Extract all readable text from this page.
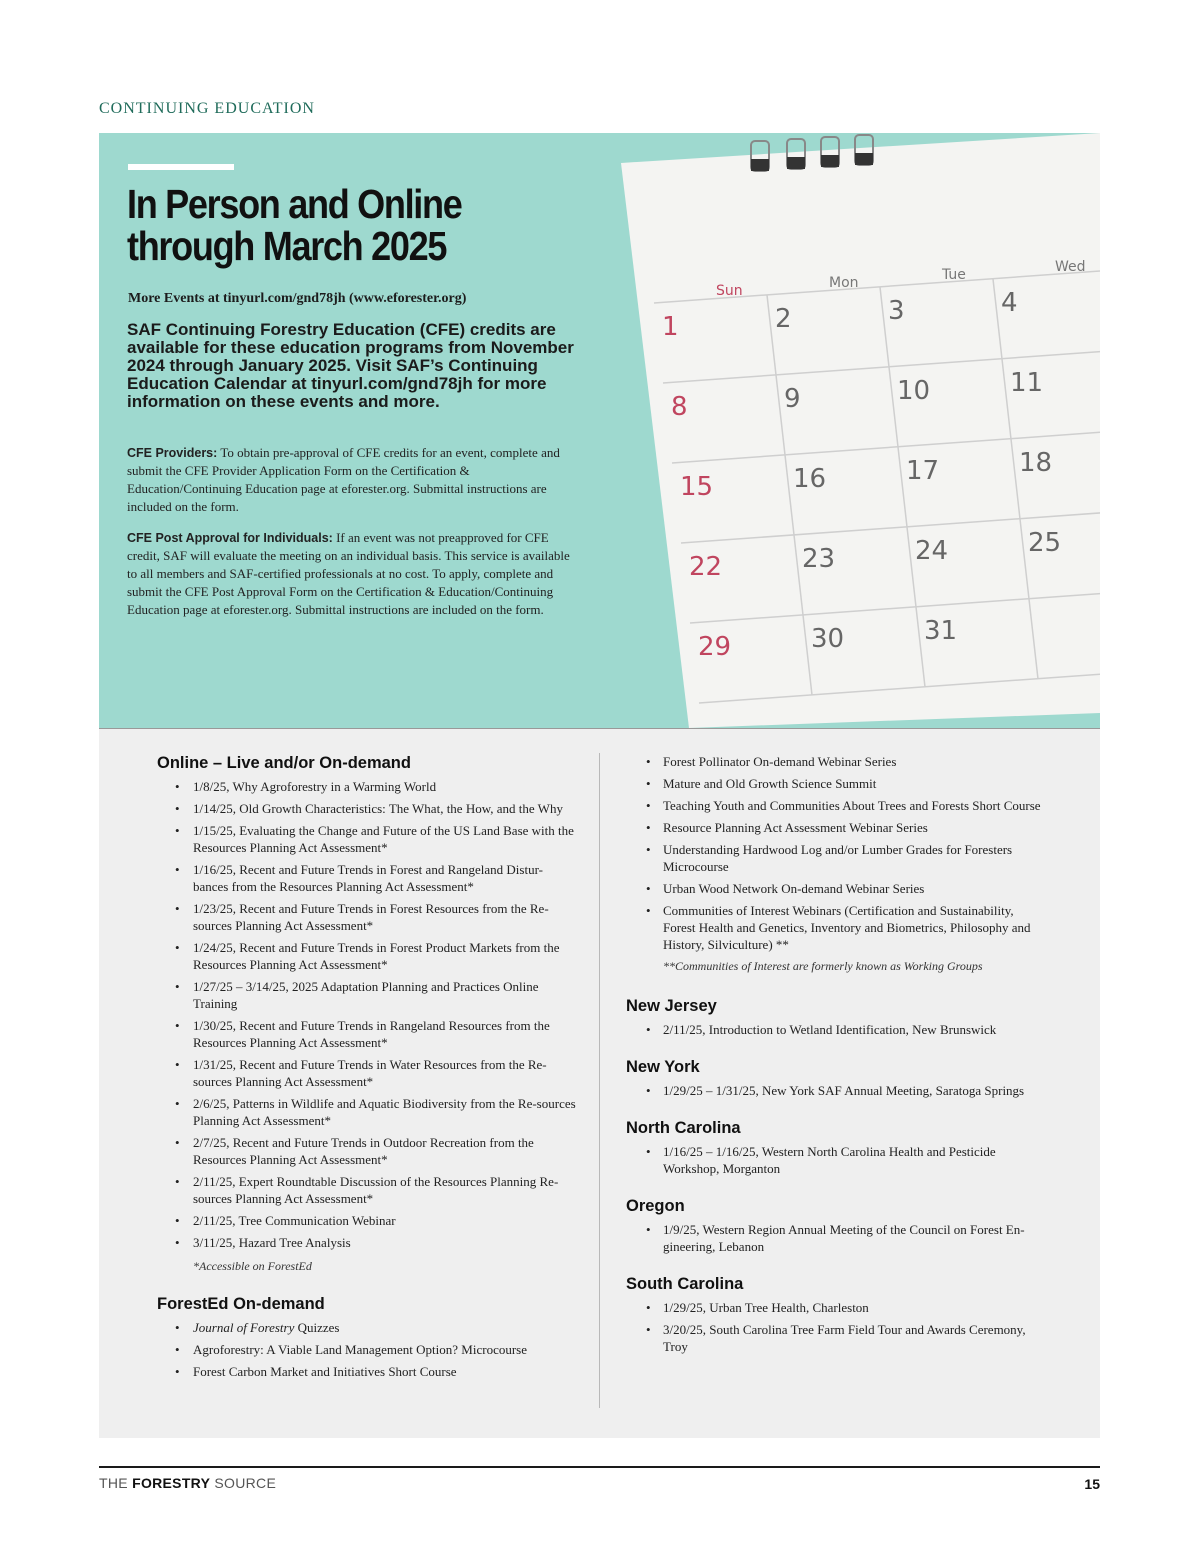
CONTINUING EDUCATION
In Person and Online through March 2025
More Events at tinyurl.com/gnd78jh (www.eforester.org)
SAF Continuing Forestry Education (CFE) credits are available for these education programs from November 2024 through January 2025. Visit SAF’s Continuing Education Calendar at tinyurl.com/gnd78jh for more information on these events and more.

CFE Providers: To obtain pre-approval of CFE credits for an event, complete and submit the CFE Provider Application Form on the Certification & Education/Continuing Education page at eforester.org. Submittal instructions are included on the form.

CFE Post Approval for Individuals: If an event was not preapproved for CFE credit, SAF will evaluate the meeting on an individual basis. This service is available to all members and SAF-certified professionals at no cost. To apply, complete and submit the CFE Post Approval Form on the Certification & Education/Continuing Education page at eforester.org. Submittal instructions are included on the form.

Sun	Mon	Tue	Wed
1	2	3	4
8	9	10	11
15	16	17	18
22	23	24	25
29	30	31
Online – Live and/or On-demand
• 1/8/25, Why Agroforestry in a Warming World
• 1/14/25, Old Growth Characteristics: The What, the How, and the Why
• 1/15/25, Evaluating the Change and Future of the US Land Base with the Resources Planning Act Assessment*
• 1/16/25, Recent and Future Trends in Forest and Rangeland Distur-bances from the Resources Planning Act Assessment*
• 1/23/25, Recent and Future Trends in Forest Resources from the Re-sources Planning Act Assessment*
• 1/24/25, Recent and Future Trends in Forest Product Markets from the Resources Planning Act Assessment*
• 1/27/25 – 3/14/25, 2025 Adaptation Planning and Practices Online Training
• 1/30/25, Recent and Future Trends in Rangeland Resources from the Resources Planning Act Assessment*
• 1/31/25, Recent and Future Trends in Water Resources from the Re-sources Planning Act Assessment*
• 2/6/25, Patterns in Wildlife and Aquatic Biodiversity from the Re-sources Planning Act Assessment*
• 2/7/25, Recent and Future Trends in Outdoor Recreation from the Resources Planning Act Assessment*
• 2/11/25, Expert Roundtable Discussion of the Resources Planning Re-sources Planning Act Assessment*
• 2/11/25, Tree Communication Webinar
• 3/11/25, Hazard Tree Analysis
*Accessible on ForestEd
ForestEd On-demand
• Journal of Forestry Quizzes
• Agroforestry: A Viable Land Management Option? Microcourse
• Forest Carbon Market and Initiatives Short Course
• Forest Pollinator On-demand Webinar Series
• Mature and Old Growth Science Summit
• Teaching Youth and Communities About Trees and Forests Short Course
• Resource Planning Act Assessment Webinar Series
• Understanding Hardwood Log and/or Lumber Grades for Foresters Microcourse
• Urban Wood Network On-demand Webinar Series
• Communities of Interest Webinars (Certification and Sustainability, Forest Health and Genetics, Inventory and Biometrics, Philosophy and History, Silviculture) **
**Communities of Interest are formerly known as Working Groups
New Jersey
• 2/11/25, Introduction to Wetland Identification, New Brunswick
New York
• 1/29/25 – 1/31/25, New York SAF Annual Meeting, Saratoga Springs
North Carolina
• 1/16/25 – 1/16/25, Western North Carolina Health and Pesticide Workshop, Morganton
Oregon
• 1/9/25, Western Region Annual Meeting of the Council on Forest En-gineering, Lebanon
South Carolina
• 1/29/25, Urban Tree Health, Charleston
• 3/20/25, South Carolina Tree Farm Field Tour and Awards Ceremony, Troy
THE FORESTRY SOURCE	15
